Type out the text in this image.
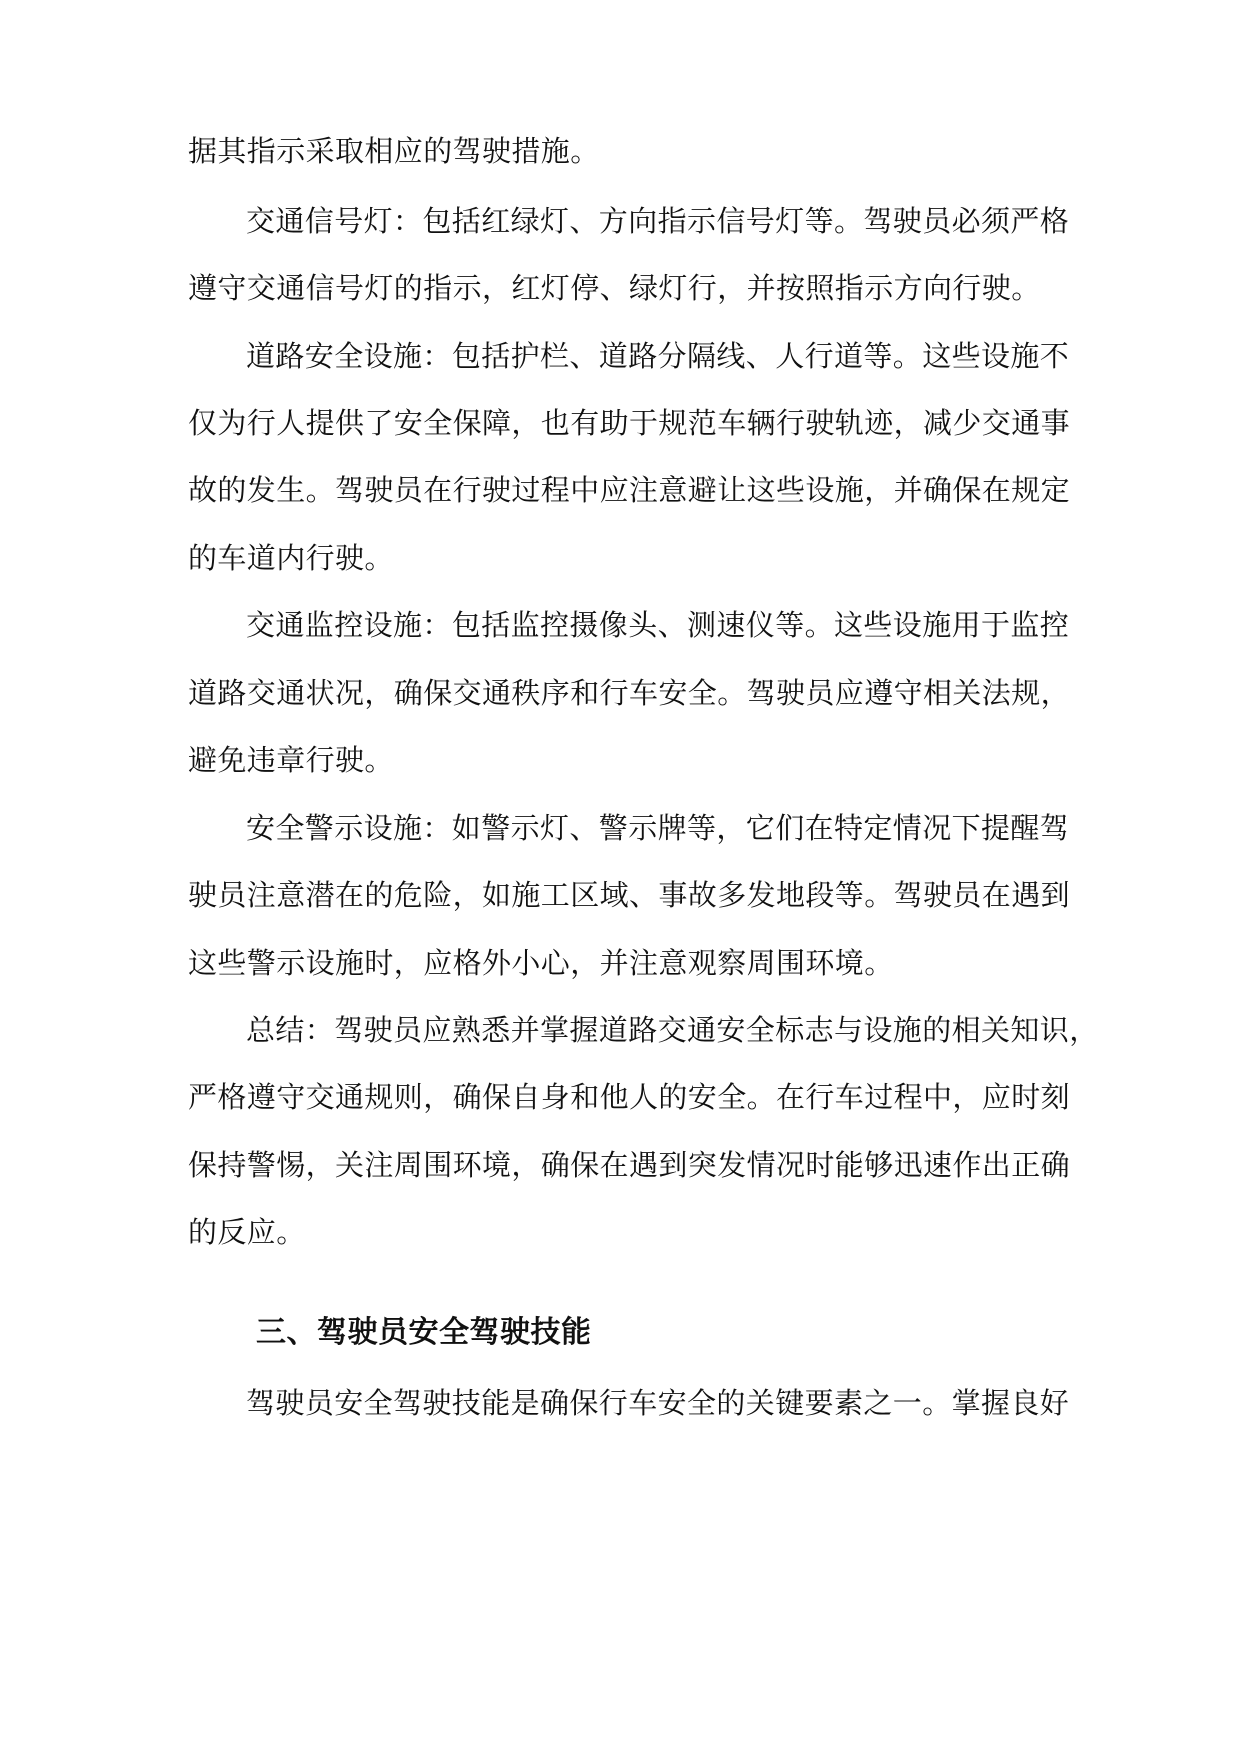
据其指示采取相应的驾驶措施。
交通信号灯：包括红绿灯、方向指示信号灯等。驾驶员必须严格
遵守交通信号灯的指示，红灯停、绿灯行，并按照指示方向行驶。
道路安全设施：包括护栏、道路分隔线、人行道等。这些设施不
仅为行人提供了安全保障，也有助于规范车辆行驶轨迹，减少交通事
故的发生。驾驶员在行驶过程中应注意避让这些设施，并确保在规定
的车道内行驶。
交通监控设施：包括监控摄像头、测速仪等。这些设施用于监控
道路交通状况，确保交通秩序和行车安全。驾驶员应遵守相关法规，
避免违章行驶。
安全警示设施：如警示灯、警示牌等，它们在特定情况下提醒驾
驶员注意潜在的危险，如施工区域、事故多发地段等。驾驶员在遇到
这些警示设施时，应格外小心，并注意观察周围环境。
总结：驾驶员应熟悉并掌握道路交通安全标志与设施的相关知识，
严格遵守交通规则，确保自身和他人的安全。在行车过程中，应时刻
保持警惕，关注周围环境，确保在遇到突发情况时能够迅速作出正确
的反应。
三、驾驶员安全驾驶技能
驾驶员安全驾驶技能是确保行车安全的关键要素之一。掌握良好
